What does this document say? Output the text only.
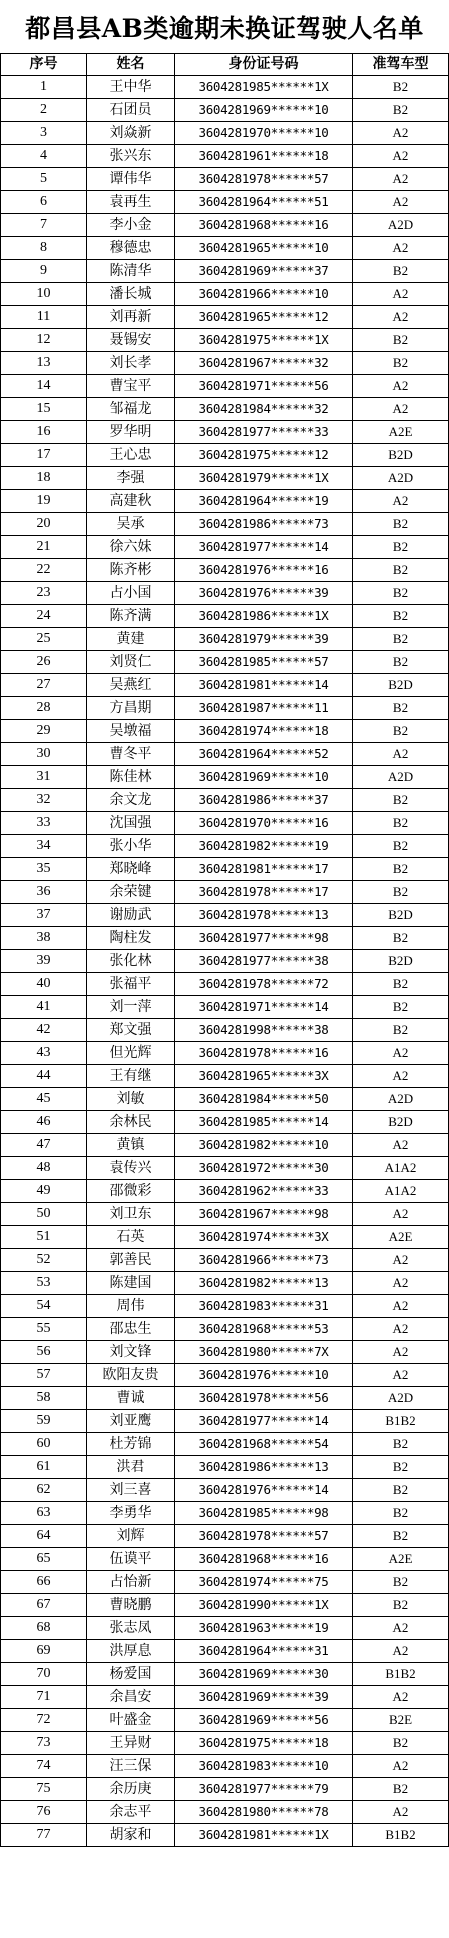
都昌县AB类逾期未换证驾驶人名单
序号	姓名	身份证号码	准驾车型
1	王中华	3604281985******1X	B2
2	石团员	3604281969******10	B2
3	刘焱新	3604281970******10	A2
4	张兴东	3604281961******18	A2
5	谭伟华	3604281978******57	A2
6	袁再生	3604281964******51	A2
7	李小金	3604281968******16	A2D
8	穆德忠	3604281965******10	A2
9	陈清华	3604281969******37	B2
10	潘长城	3604281966******10	A2
11	刘再新	3604281965******12	A2
12	聂锡安	3604281975******1X	B2
13	刘长孝	3604281967******32	B2
14	曹宝平	3604281971******56	A2
15	邹福龙	3604281984******32	A2
16	罗华明	3604281977******33	A2E
17	王心忠	3604281975******12	B2D
18	李强	3604281979******1X	A2D
19	高建秋	3604281964******19	A2
20	吴承	3604281986******73	B2
21	徐六妹	3604281977******14	B2
22	陈齐彬	3604281976******16	B2
23	占小国	3604281976******39	B2
24	陈齐满	3604281986******1X	B2
25	黄建	3604281979******39	B2
26	刘贤仁	3604281985******57	B2
27	吴燕红	3604281981******14	B2D
28	方昌期	3604281987******11	B2
29	吴墩福	3604281974******18	B2
30	曹冬平	3604281964******52	A2
31	陈佳林	3604281969******10	A2D
32	余文龙	3604281986******37	B2
33	沈国强	3604281970******16	B2
34	张小华	3604281982******19	B2
35	郑晓峰	3604281981******17	B2
36	余荣键	3604281978******17	B2
37	谢励武	3604281978******13	B2D
38	陶柱发	3604281977******98	B2
39	张化林	3604281977******38	B2D
40	张福平	3604281978******72	B2
41	刘一萍	3604281971******14	B2
42	郑文强	3604281998******38	B2
43	但光辉	3604281978******16	A2
44	王有继	3604281965******3X	A2
45	刘敏	3604281984******50	A2D
46	余林民	3604281985******14	B2D
47	黄镇	3604281982******10	A2
48	袁传兴	3604281972******30	A1A2
49	邵微彩	3604281962******33	A1A2
50	刘卫东	3604281967******98	A2
51	石英	3604281974******3X	A2E
52	郭善民	3604281966******73	A2
53	陈建国	3604281982******13	A2
54	周伟	3604281983******31	A2
55	邵忠生	3604281968******53	A2
56	刘文锋	3604281980******7X	A2
57	欧阳友贵	3604281976******10	A2
58	曹诚	3604281978******56	A2D
59	刘亚鹰	3604281977******14	B1B2
60	杜芳锦	3604281968******54	B2
61	洪君	3604281986******13	B2
62	刘三喜	3604281976******14	B2
63	李勇华	3604281985******98	B2
64	刘辉	3604281978******57	B2
65	伍谟平	3604281968******16	A2E
66	占怡新	3604281974******75	B2
67	曹晓鹏	3604281990******1X	B2
68	张志凤	3604281963******19	A2
69	洪厚息	3604281964******31	A2
70	杨爱国	3604281969******30	B1B2
71	余昌安	3604281969******39	A2
72	叶盛金	3604281969******56	B2E
73	王异财	3604281975******18	B2
74	汪三保	3604281983******10	A2
75	余历庚	3604281977******79	B2
76	余志平	3604281980******78	A2
77	胡家和	3604281981******1X	B1B2
